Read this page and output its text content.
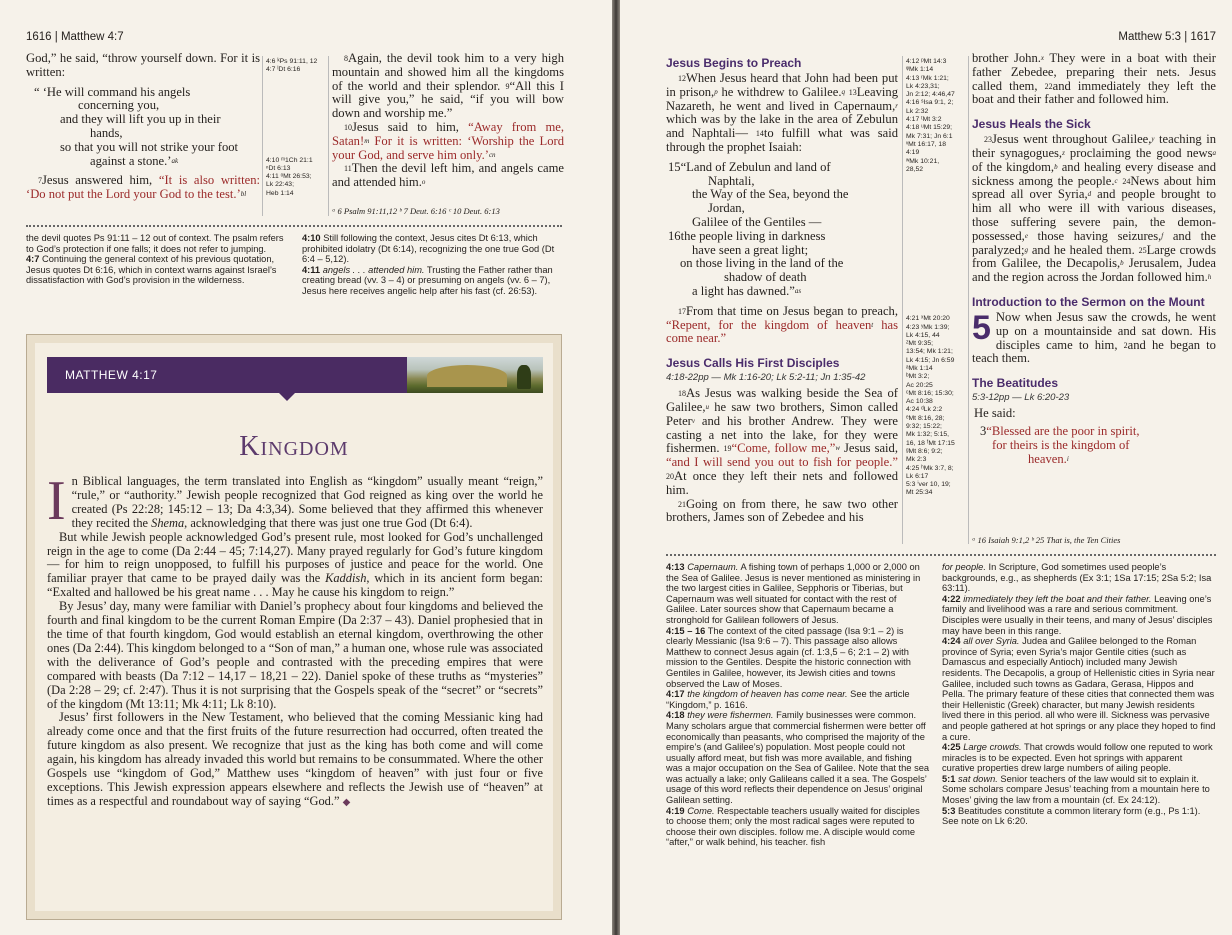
1616 | Matthew 4:7

God,” he said, “throw yourself down. For it is written:

“ ‘He will command his angels
concerning you,
and they will lift you up in their
hands,
so that you will not strike your foot
against a stone.’$^{ak}$

$^7$Jesus answered him, “It is also written: ‘Do not put the Lord your God to the test.’$^{bl}$

4:6 ᵏPs 91:11, 12
4:7 ˡDt 6:16
4:10 ᵐ1Ch 21:1
ⁿDt 6:13
4:11 ᵒMt 26:53;
Lk 22:43;
Heb 1:14

$^8$Again, the devil took him to a very high mountain and showed him all the kingdoms of the world and their splendor. $^9$“All this I will give you,” he said, “if you will bow down and worship me.”

$^{10}$Jesus said to him, “Away from me, Satan!$^m$ For it is written: ‘Worship the Lord your God, and serve him only.’$^{cn}$

$^{11}$Then the devil left him, and angels came and attended him.$^o$

ᵃ 6 Psalm 91:11,12 ᵇ 7 Deut. 6:16 ᶜ 10 Deut. 6:13

the devil quotes Ps 91:11 – 12 out of context. The psalm refers to God’s protection if one falls; it does not refer to jumping.

4:7 Continuing the general context of his previous quotation, Jesus quotes Dt 6:16, which in context warns against Israel’s dissatisfaction with God’s provision in the wilderness.

4:10 Still following the context, Jesus cites Dt 6:13, which prohibited idolatry (Dt 6:14), recognizing the one true God (Dt 6:4 – 5,12).

4:11 angels . . . attended him. Trusting the Father rather than creating bread (vv. 3 – 4) or presuming on angels (vv. 6 – 7), Jesus here receives angelic help after his fast (cf. 26:53).

MATTHEW 4:17
Kingdom

In Biblical languages, the term translated into English as “kingdom” usually meant “reign,” “rule,” or “authority.” Jewish people recognized that God reigned as king over the world he created (Ps 22:28; 145:12 – 13; Da 4:3,34). Some believed that they affirmed this whenever they recited the Shema, acknowledging that there was just one true God (Dt 6:4).

But while Jewish people acknowledged God’s present rule, most looked for God’s unchallenged reign in the age to come (Da 2:44 – 45; 7:14,27). Many prayed regularly for God’s future kingdom — for him to reign unopposed, to fulfill his purposes of justice and peace for the world. One familiar prayer that came to be prayed daily was the Kaddish, which in its ancient form began: “Exalted and hallowed be his great name . . . May he cause his kingdom to reign.”

By Jesus’ day, many were familiar with Daniel’s prophecy about four kingdoms and believed the fourth and final kingdom to be the current Roman Empire (Da 2:37 – 43). Daniel prophesied that in the time of that fourth kingdom, God would establish an eternal kingdom, overthrowing the other ones (Da 2:44). This kingdom belonged to a “Son of man,” a human one, whose rule was associated with the deliverance of God’s people and contrasted with the preceding empires that were compared with beasts (Da 7:12 – 14,17 – 18,21 – 22). Daniel spoke of these truths as “mysteries” (Da 2:28 – 29; cf. 2:47). Thus it is not surprising that the Gospels speak of the “secret” or “secrets” of the kingdom (Mt 13:11; Mk 4:11; Lk 8:10).

Jesus’ first followers in the New Testament, who believed that the coming Messianic king had already come once and that the first fruits of the future resurrection had occurred, often treated the future kingdom as also present. We recognize that just as the king has both come and will come again, his kingdom has already invaded this world but remains to be consummated. Where the other Gospels use “kingdom of God,” Matthew uses “kingdom of heaven” with just four or five exceptions. This Jewish expression appears elsewhere and reflects the Jewish use of “heaven” at times as a respectful and roundabout way of saying “God.” ◆

Matthew 5:3 | 1617
Jesus Begins to Preach

$^{12}$When Jesus heard that John had been put in prison,$^p$ he withdrew to Galilee.$^q$ $^{13}$Leaving Nazareth, he went and lived in Capernaum,$^r$ which was by the lake in the area of Zebulun and Naphtali— $^{14}$to fulfill what was said through the prophet Isaiah:

15“Land of Zebulun and land of
Naphtali,
the Way of the Sea, beyond the
Jordan,
Galilee of the Gentiles —
16the people living in darkness
have seen a great light;
on those living in the land of the
shadow of death
a light has dawned.”$^{as}$

$^{17}$From that time on Jesus began to preach, “Repent, for the kingdom of heaven$^t$ has come near.”

Jesus Calls His First Disciples
4:18-22pp — Mk 1:16-20; Lk 5:2-11; Jn 1:35-42

$^{18}$As Jesus was walking beside the Sea of Galilee,$^u$ he saw two brothers, Simon called Peter$^v$ and his brother Andrew. They were casting a net into the lake, for they were fishermen. $^{19}$“Come, follow me,”$^w$ Jesus said, “and I will send you out to fish for people.” $^{20}$At once they left their nets and followed him.

$^{21}$Going on from there, he saw two other brothers, James son of Zebedee and his

4:12 ᵖMt 14:3
ᵠMk 1:14
4:13 ʳMk 1:21;
Lk 4:23,31;
Jn 2:12; 4:46,47
4:16 ˢIsa 9:1, 2;
Lk 2:32
4:17 ᵗMt 3:2
4:18 ᵘMt 15:29;
Mk 7:31; Jn 6:1
ᵛMt 16:17, 18
4:19
ʷMk 10:21,
28,52
4:21 ˣMt 20:20
4:23 ʸMk 1:39;
Lk 4:15, 44
ᶻMt 9:35;
13:54; Mk 1:21;
Lk 4:15; Jn 6:59
ᵃMk 1:14
ᵇMt 3:2;
Ac 20:25
ᶜMt 8:16; 15:30;
Ac 10:38
4:24 ᵈLk 2:2
ᵉMt 8:16, 28;
9:32; 15:22;
Mk 1:32; 5:15,
16, 18 ᶠMt 17:15
ᵍMt 8:6; 9:2;
Mk 2:3
4:25 ʰMk 3:7, 8;
Lk 6:17
5:3 ⁱver 10, 19;
Mt 25:34

brother John.$^x$ They were in a boat with their father Zebedee, preparing their nets. Jesus called them, $^{22}$and immediately they left the boat and their father and followed him.

Jesus Heals the Sick

$^{23}$Jesus went throughout Galilee,$^y$ teaching in their synagogues,$^z$ proclaiming the good news$^a$ of the kingdom,$^b$ and healing every disease and sickness among the people.$^c$ $^{24}$News about him spread all over Syria,$^d$ and people brought to him all who were ill with various diseases, those suffering severe pain, the demon-possessed,$^e$ those having seizures,$^f$ and the paralyzed;$^g$ and he healed them. $^{25}$Large crowds from Galilee, the Decapolis,$^b$ Jerusalem, Judea and the region across the Jordan followed him.$^h$

Introduction to the Sermon on the Mount

5 Now when Jesus saw the crowds, he went up on a mountainside and sat down. His disciples came to him, $^2$and he began to teach them.

The Beatitudes
5:3-12pp — Lk 6:20-23

He said:

3“Blessed are the poor in spirit,
for theirs is the kingdom of
heaven.$^i$
ᵃ 16 Isaiah 9:1,2 ᵇ 25 That is, the Ten Cities

4:13 Capernaum. A fishing town of perhaps 1,000 or 2,000 on the Sea of Galilee. Jesus is never mentioned as ministering in the two largest cities in Galilee, Sepphoris or Tiberias, but Capernaum was well situated for contact with the rest of Galilee. Later sources show that Capernaum became a stronghold for Galilean followers of Jesus.

4:15 – 16 The context of the cited passage (Isa 9:1 – 2) is clearly Messianic (Isa 9:6 – 7). This passage also allows Matthew to connect Jesus again (cf. 1:3,5 – 6; 2:1 – 2) with mission to the Gentiles. Despite the historic connection with Gentiles in Galilee, however, its Jewish cities and towns observed the Law of Moses.

4:17 the kingdom of heaven has come near. See the article “Kingdom,” p. 1616.

4:18 they were fishermen. Family businesses were common. Many scholars argue that commercial fishermen were better off economically than peasants, who comprised the majority of the empire’s (and Galilee’s) population. Most people could not usually afford meat, but fish was more available, and fishing was a major occupation on the Sea of Galilee. Note that the sea was actually a lake; only Galileans called it a sea. The Gospels’ usage of this word reflects their dependence on Jesus’ original Galilean setting.

4:19 Come. Respectable teachers usually waited for disciples to choose them; only the most radical sages were reputed to choose their own disciples. follow me. A disciple would come “after,” or walk behind, his teacher. fish

for people. In Scripture, God sometimes used people’s backgrounds, e.g., as shepherds (Ex 3:1; 1Sa 17:15; 2Sa 5:2; Isa 63:11).

4:22 immediately they left the boat and their father. Leaving one’s family and livelihood was a rare and serious commitment. Disciples were usually in their teens, and many of Jesus’ disciples may have been in this range.

4:24 all over Syria. Judea and Galilee belonged to the Roman province of Syria; even Syria’s major Gentile cities (such as Damascus and especially Antioch) included many Jewish residents. The Decapolis, a group of Hellenistic cities in Syria near Galilee, included such towns as Gadara, Gerasa, Hippos and Pella. The primary feature of these cities that connected them was their Hellenistic (Greek) character, but many Jewish residents lived there in this period. all who were ill. Sickness was pervasive and people gathered at hot springs or any place they hoped to find a cure.

4:25 Large crowds. That crowds would follow one reputed to work miracles is to be expected. Even hot springs with apparent curative properties drew large numbers of ailing people.

5:1 sat down. Senior teachers of the law would sit to explain it. Some scholars compare Jesus’ teaching from a mountain here to Moses’ giving the law from a mountain (cf. Ex 24:12).

5:3 Beatitudes constitute a common literary form (e.g., Ps 1:1). See note on Lk 6:20.
